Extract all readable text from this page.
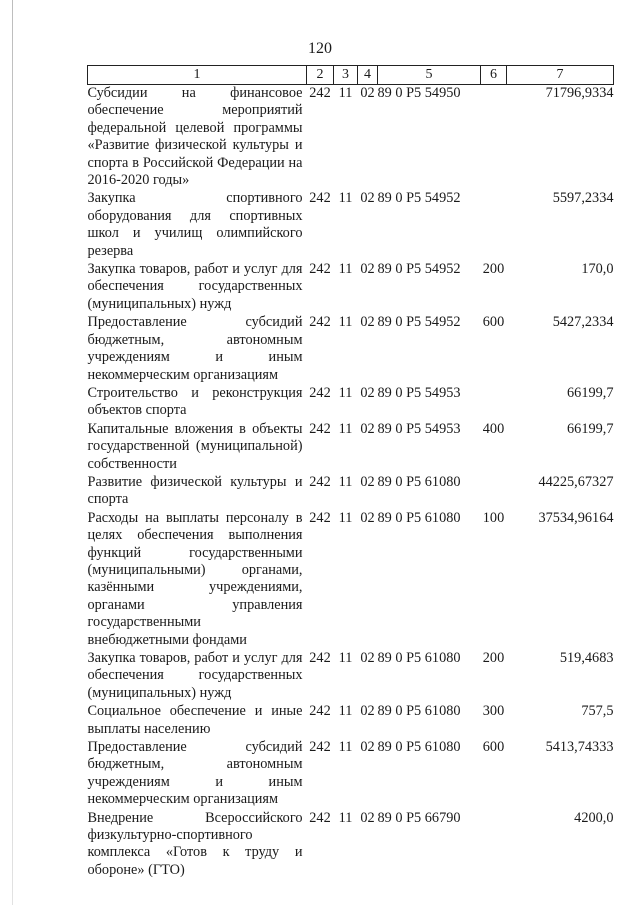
120
1	2	3	4	5	6	7
Субсидии на финансовое обеспечение мероприятий федеральной целевой программы «Развитие физической культуры и спорта в Российской Федерации на 2016-2020 годы»	242	11	02	89 0 P5 54950		71796,9334
Закупка спортивного оборудования для спортивных школ и училищ олимпийского резерва	242	11	02	89 0 P5 54952		5597,2334
Закупка товаров, работ и услуг для обеспечения государственных (муниципальных) нужд	242	11	02	89 0 P5 54952	200	170,0
Предоставление субсидий бюджетным, автономным учреждениям и иным некоммерческим организациям	242	11	02	89 0 P5 54952	600	5427,2334
Строительство и реконструкция объектов спорта	242	11	02	89 0 P5 54953		66199,7
Капитальные вложения в объекты государственной (муниципальной) собственности	242	11	02	89 0 P5 54953	400	66199,7
Развитие физической культуры и спорта	242	11	02	89 0 P5 61080		44225,67327
Расходы на выплаты персоналу в целях обеспечения выполнения функций государственными (муниципальными) органами, казёнными учреждениями, органами управления государственными внебюджетными фондами	242	11	02	89 0 P5 61080	100	37534,96164
Закупка товаров, работ и услуг для обеспечения государственных (муниципальных) нужд	242	11	02	89 0 P5 61080	200	519,4683
Социальное обеспечение и иные выплаты населению	242	11	02	89 0 P5 61080	300	757,5
Предоставление субсидий бюджетным, автономным учреждениям и иным некоммерческим организациям	242	11	02	89 0 P5 61080	600	5413,74333
Внедрение Всероссийского физкультурно-спортивного комплекса «Готов к труду и обороне» (ГТО)	242	11	02	89 0 P5 66790		4200,0
